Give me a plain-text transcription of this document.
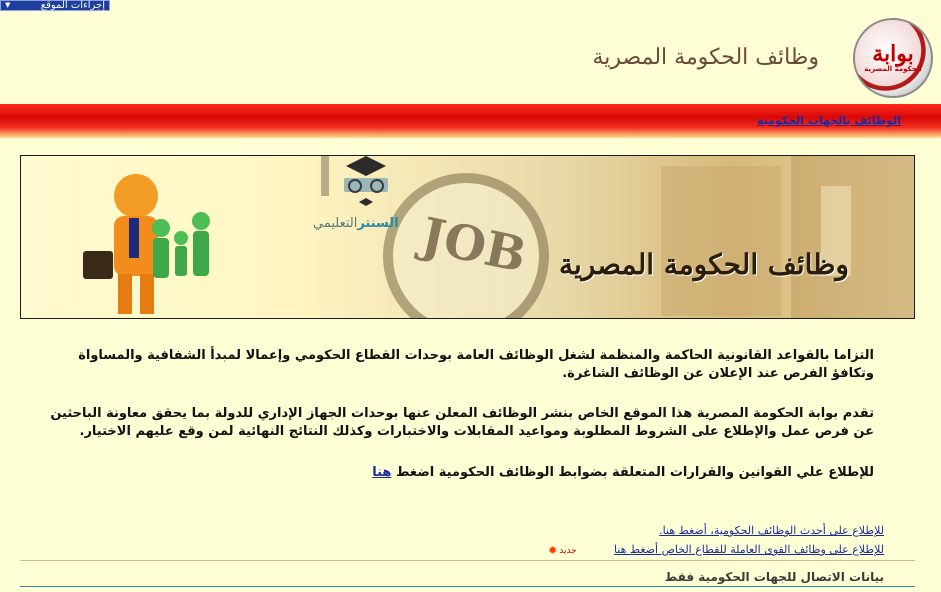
إجراءات الموقع
▼
بوابة
الحكومة المصرية
وظائف الحكومة المصرية
الوظائف بالجهات الحكومية
JOB
السنترالتعليمي
وظائف الحكومة المصرية
التزاما بالقواعد القانونية الحاكمة والمنظمة لشغل الوظائف العامة بوحدات القطاع الحكومي وإعمالا لمبدأ الشفافية والمساواة وتكافؤ الفرص عند الإعلان عن الوظائف الشاغرة.
تقدم بوابة الحكومة المصرية هذا الموقع الخاص بنشر الوظائف المعلن عنها بوحدات الجهاز الإداري للدولة بما يحقق معاونة الباحثين عن فرص عمل والإطلاع على الشروط المطلوبة ومواعيد المقابلات والاختبارات وكذلك النتائج النهائية لمن وقع عليهم الاختيار.
للإطلاع علي القوانين والقرارات المتعلقة بضوابط الوظائف الحكومية اضغط هنا
للإطلاع على أحدث الوظائف الحكومية، أضغط هنا.
للإطلاع على وظائف القوى العاملة للقطاع الخاص أضغط هنا
جديد
✹
بيانات الاتصال للجهات الحكومية فقط
